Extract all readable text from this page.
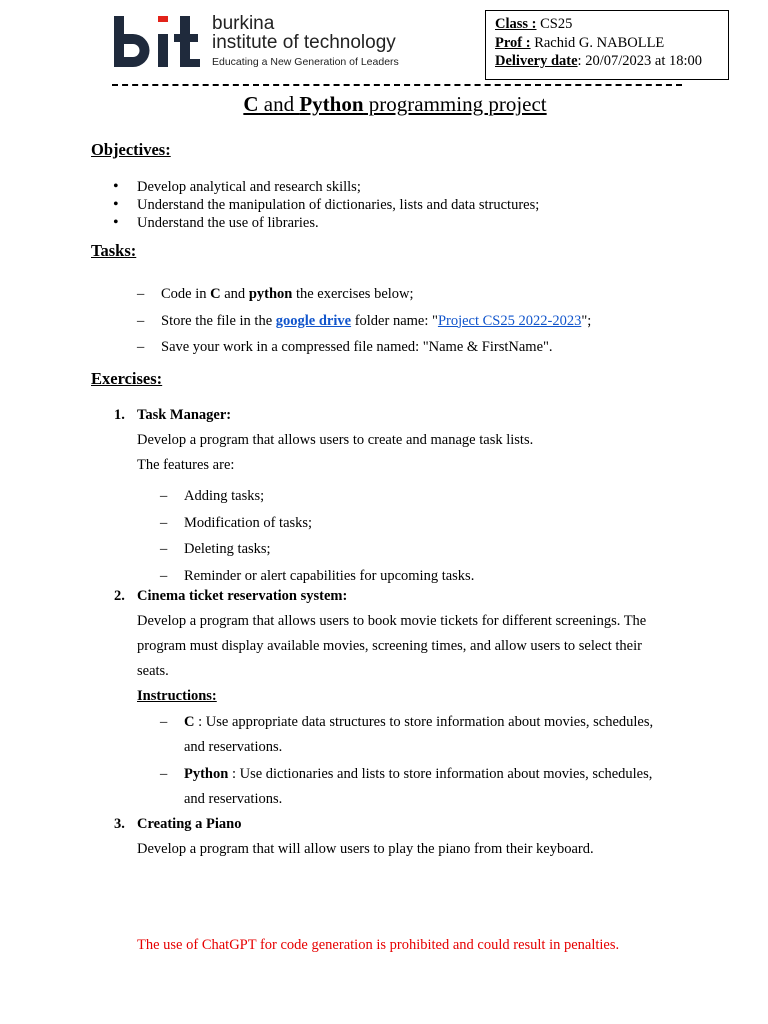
burkina
institute of technology
Educating a New Generation of Leaders
Class : CS25
Prof : Rachid G. NABOLLE
Delivery date: 20/07/2023 at 18:00
C and Python programming project
Objectives:
• Develop analytical and research skills;
• Understand the manipulation of dictionaries, lists and data structures;
• Understand the use of libraries.
Tasks:
– Code in C and python the exercises below;
– Store the file in the google drive folder name: "Project CS25 2022-2023";
– Save your work in a compressed file named: "Name & FirstName".
Exercises:
1. Task Manager:
Develop a program that allows users to create and manage task lists.
The features are:
– Adding tasks;
– Modification of tasks;
– Deleting tasks;
– Reminder or alert capabilities for upcoming tasks.
2. Cinema ticket reservation system:
Develop a program that allows users to book movie tickets for different screenings. The
program must display available movies, screening times, and allow users to select their
seats.
Instructions:
– C : Use appropriate data structures to store information about movies, schedules,
and reservations.
– Python : Use dictionaries and lists to store information about movies, schedules,
and reservations.
3. Creating a Piano
Develop a program that will allow users to play the piano from their keyboard.
The use of ChatGPT for code generation is prohibited and could result in penalties.
